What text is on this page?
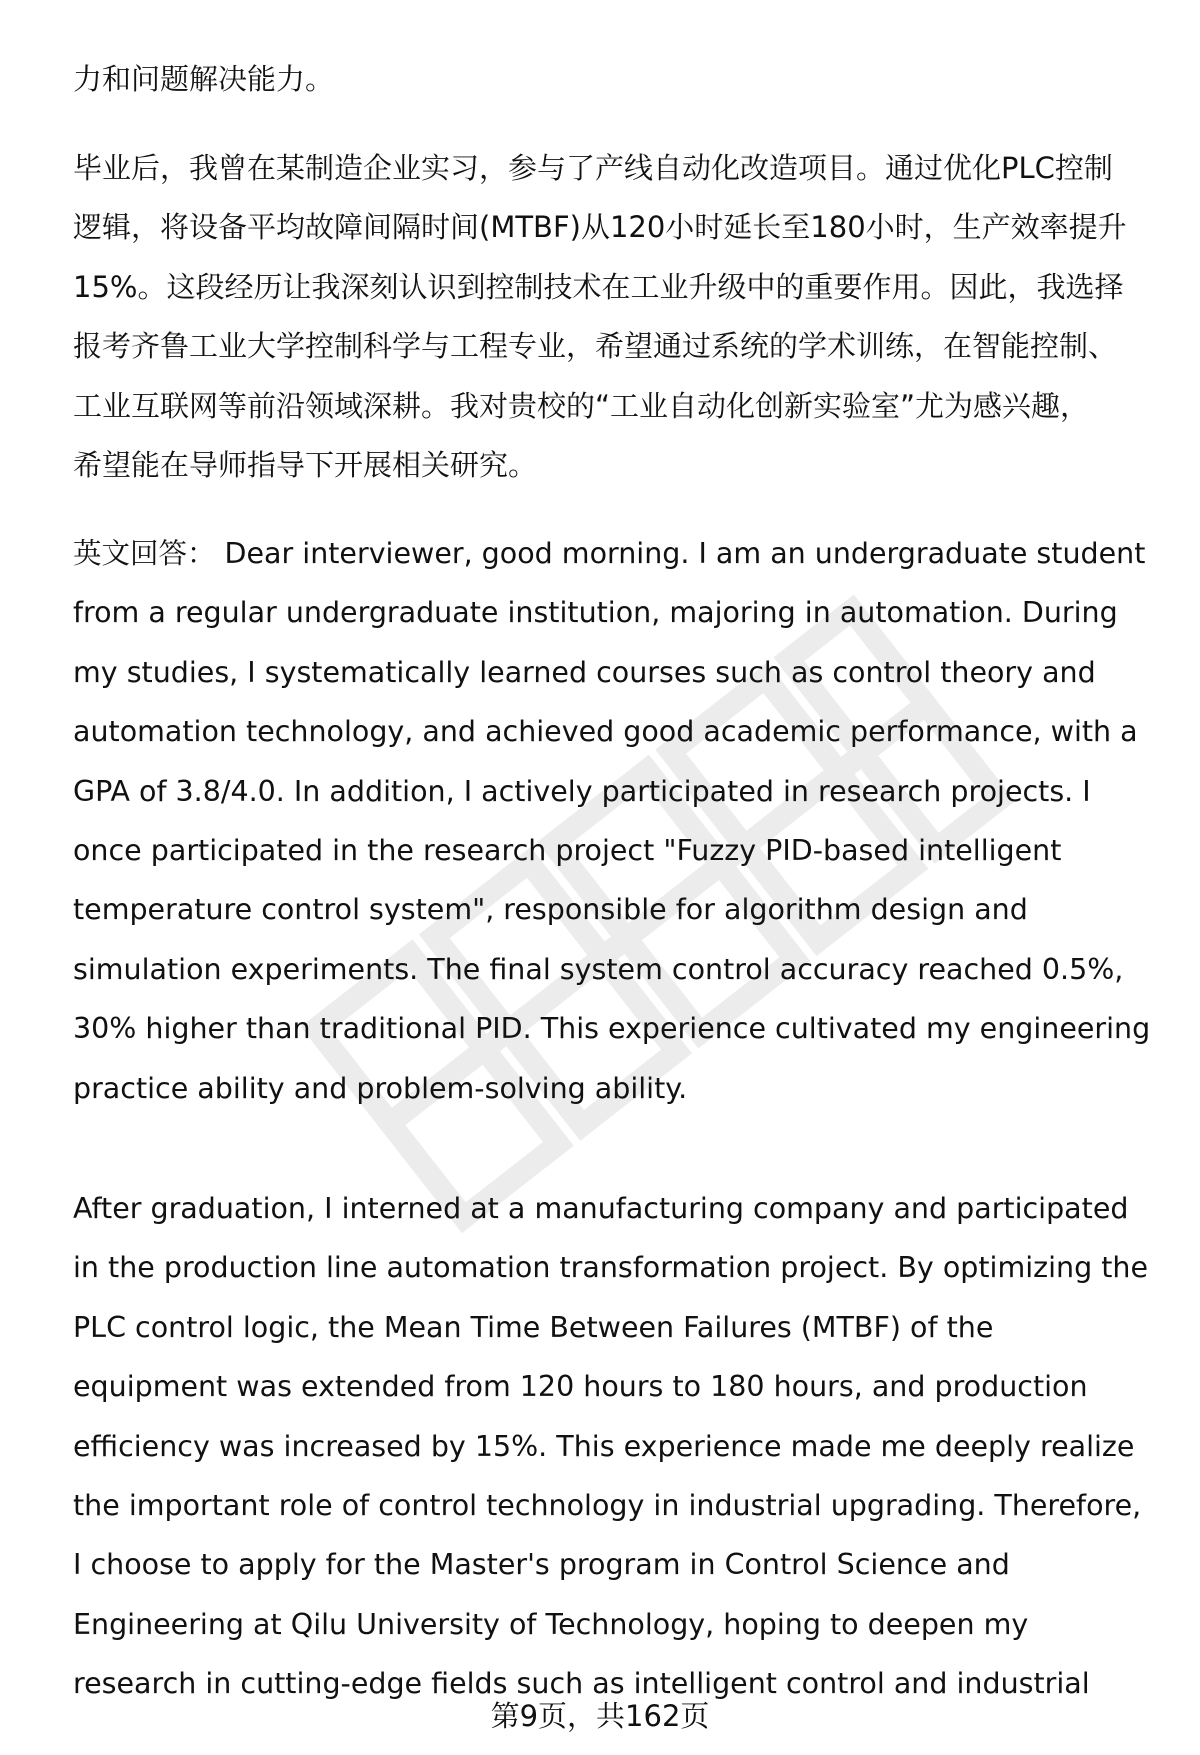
力和问题解决能力。
毕业后，我曾在某制造企业实习，参与了产线自动化改造项目。通过优化PLC控制
逻辑，将设备平均故障间隔时间(MTBF)从120小时延长至180小时，生产效率提升
15%。这段经历让我深刻认识到控制技术在工业升级中的重要作用。因此，我选择
报考齐鲁工业大学控制科学与工程专业，希望通过系统的学术训练，在智能控制、
工业互联网等前沿领域深耕。我对贵校的“工业自动化创新实验室”尤为感兴趣，
希望能在导师指导下开展相关研究。
英文回答： Dear interviewer, good morning. I am an undergraduate student
from a regular undergraduate institution, majoring in automation. During
my studies, I systematically learned courses such as control theory and
automation technology, and achieved good academic performance, with a
GPA of 3.8/4.0. In addition, I actively participated in research projects. I
once participated in the research project "Fuzzy PID-based intelligent
temperature control system", responsible for algorithm design and
simulation experiments. The final system control accuracy reached 0.5%,
30% higher than traditional PID. This experience cultivated my engineering
practice ability and problem-solving ability.
After graduation, I interned at a manufacturing company and participated
in the production line automation transformation project. By optimizing the
PLC control logic, the Mean Time Between Failures (MTBF) of the
equipment was extended from 120 hours to 180 hours, and production
efficiency was increased by 15%. This experience made me deeply realize
the important role of control technology in industrial upgrading. Therefore,
I choose to apply for the Master's program in Control Science and
Engineering at Qilu University of Technology, hoping to deepen my
research in cutting-edge fields such as intelligent control and industrial
第9页，共162页
